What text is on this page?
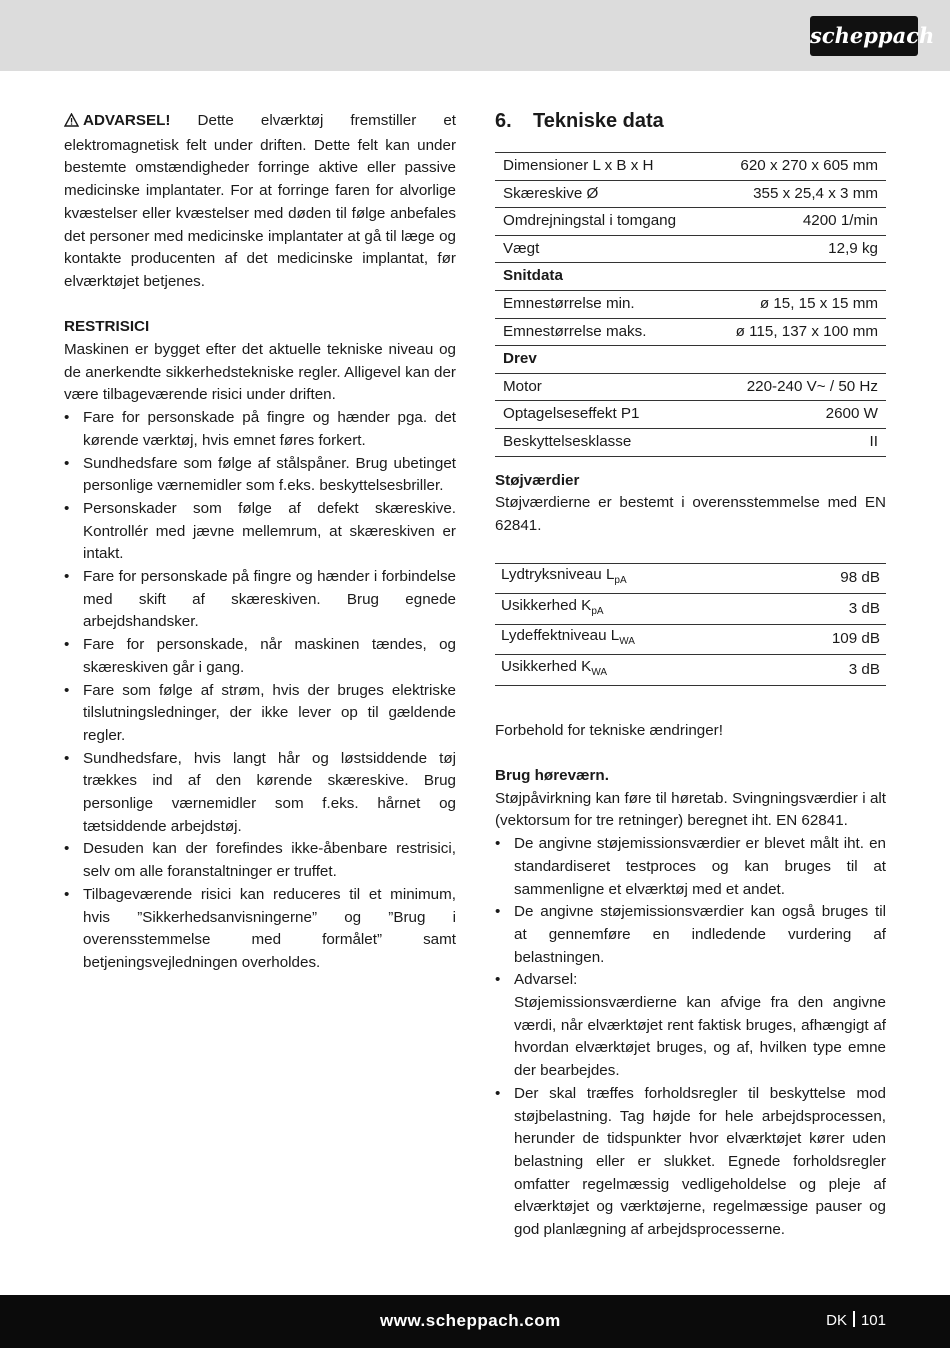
scheppach

ADVARSEL! Dette elværktøj fremstiller et elektromagnetisk felt under driften. Dette felt kan under bestemte omstændigheder forringe aktive eller passive medicinske implantater. For at forringe faren for alvorlige kvæstelser eller kvæstelser med døden til følge anbefales det personer med medicinske implantater at gå til læge og kontakte producenten af det medicinske implantat, før elværktøjet betjenes.

RESTRISICI

Maskinen er bygget efter det aktuelle tekniske niveau og de anerkendte sikkerhedstekniske regler. Alligevel kan der være tilbageværende risici under driften.

• Fare for personskade på fingre og hænder pga. det kørende værktøj, hvis emnet føres forkert.
• Sundhedsfare som følge af stålspåner. Brug ubetinget personlige værnemidler som f.eks. beskyttelsesbriller.
• Personskader som følge af defekt skæreskive. Kontrollér med jævne mellemrum, at skæreskiven er intakt.
• Fare for personskade på fingre og hænder i forbindelse med skift af skæreskiven. Brug egnede arbejdshandsker.
• Fare for personskade, når maskinen tændes, og skæreskiven går i gang.
• Fare som følge af strøm, hvis der bruges elektriske tilslutningsledninger, der ikke lever op til gældende regler.
• Sundhedsfare, hvis langt hår og løstsiddende tøj trækkes ind af den kørende skæreskive. Brug personlige værnemidler som f.eks. hårnet og tætsiddende arbejdstøj.
• Desuden kan der forefindes ikke-åbenbare restrisici, selv om alle foranstaltninger er truffet.
• Tilbageværende risici kan reduceres til et minimum, hvis ”Sikkerhedsanvisningerne” og ”Brug i overensstemmelse med formålet” samt betjeningsvejledningen overholdes.
6. Tekniske data
Dimensioner L x B x H	620 x 270 x 605 mm
Skæreskive Ø	355 x 25,4 x 3 mm
Omdrejningstal i tomgang	4200 1/min
Vægt	12,9 kg
Snitdata	
Emnestørrelse min.	ø 15, 15 x 15 mm
Emnestørrelse maks.	ø 115, 137 x 100 mm
Drev	
Motor	220-240 V~ / 50 Hz
Optagelseseffekt P1	2600 W
Beskyttelsesklasse	II

Støjværdier

Støjværdierne er bestemt i overensstemmelse med EN 62841.

Lydtryksniveau $L_{pA}$	98 dB
Usikkerhed $K_{pA}$	3 dB
Lydeffektniveau $L_{WA}$	109 dB
Usikkerhed $K_{WA}$	3 dB

Forbehold for tekniske ændringer!

Brug høreværn.

Støjpåvirkning kan føre til høretab. Svingningsværdier i alt (vektorsum for tre retninger) beregnet iht. EN 62841.

• De angivne støjemissionsværdier er blevet målt iht. en standardiseret testproces og kan bruges til at sammenligne et elværktøj med et andet.
• De angivne støjemissionsværdier kan også bruges til at gennemføre en indledende vurdering af belastningen.
• Advarsel:
Støjemissionsværdierne kan afvige fra den angivne værdi, når elværktøjet rent faktisk bruges, afhængigt af hvordan elværktøjet bruges, og af, hvilken type emne der bearbejdes.
• Der skal træffes forholdsregler til beskyttelse mod støjbelastning. Tag højde for hele arbejdsprocessen, herunder de tidspunkter hvor elværktøjet kører uden belastning eller er slukket. Egnede forholdsregler omfatter regelmæssig vedligeholdelse og pleje af elværktøjet og værktøjerne, regelmæssige pauser og god planlægning af arbejdsprocesserne.
www.scheppach.com	DK 101
